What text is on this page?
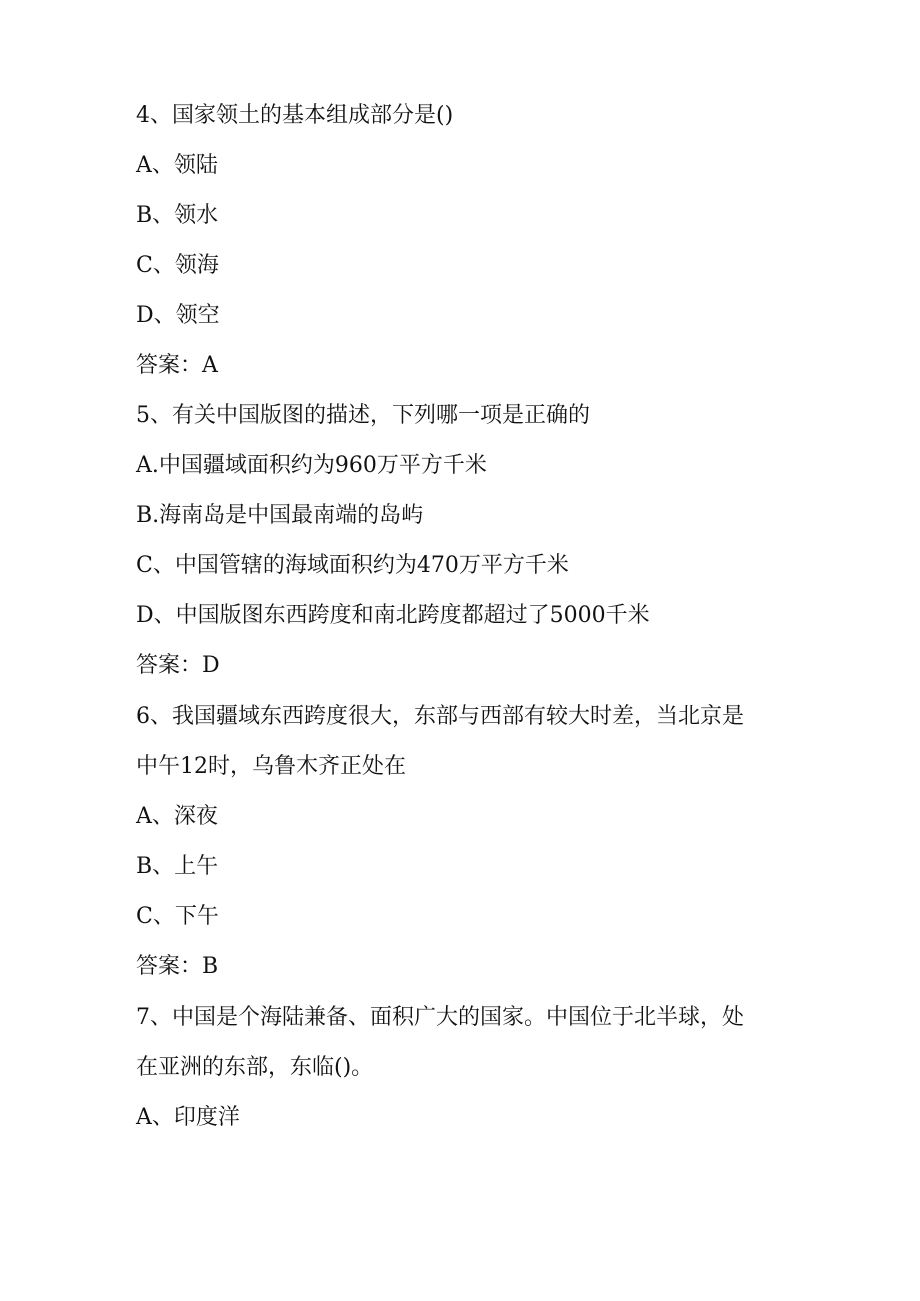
4、国家领土的基本组成部分是()
A、领陆
B、领水
C、领海
D、领空
答案：A
5、有关中国版图的描述，下列哪一项是正确的
A.中国疆域面积约为960万平方千米
B.海南岛是中国最南端的岛屿
C、中国管辖的海域面积约为470万平方千米
D、中国版图东西跨度和南北跨度都超过了5000千米
答案：D
6、我国疆域东西跨度很大，东部与西部有较大时差，当北京是
中午12时，乌鲁木齐正处在
A、深夜
B、上午
C、下午
答案：B
7、中国是个海陆兼备、面积广大的国家。中国位于北半球，处
在亚洲的东部，东临()。
A、印度洋
